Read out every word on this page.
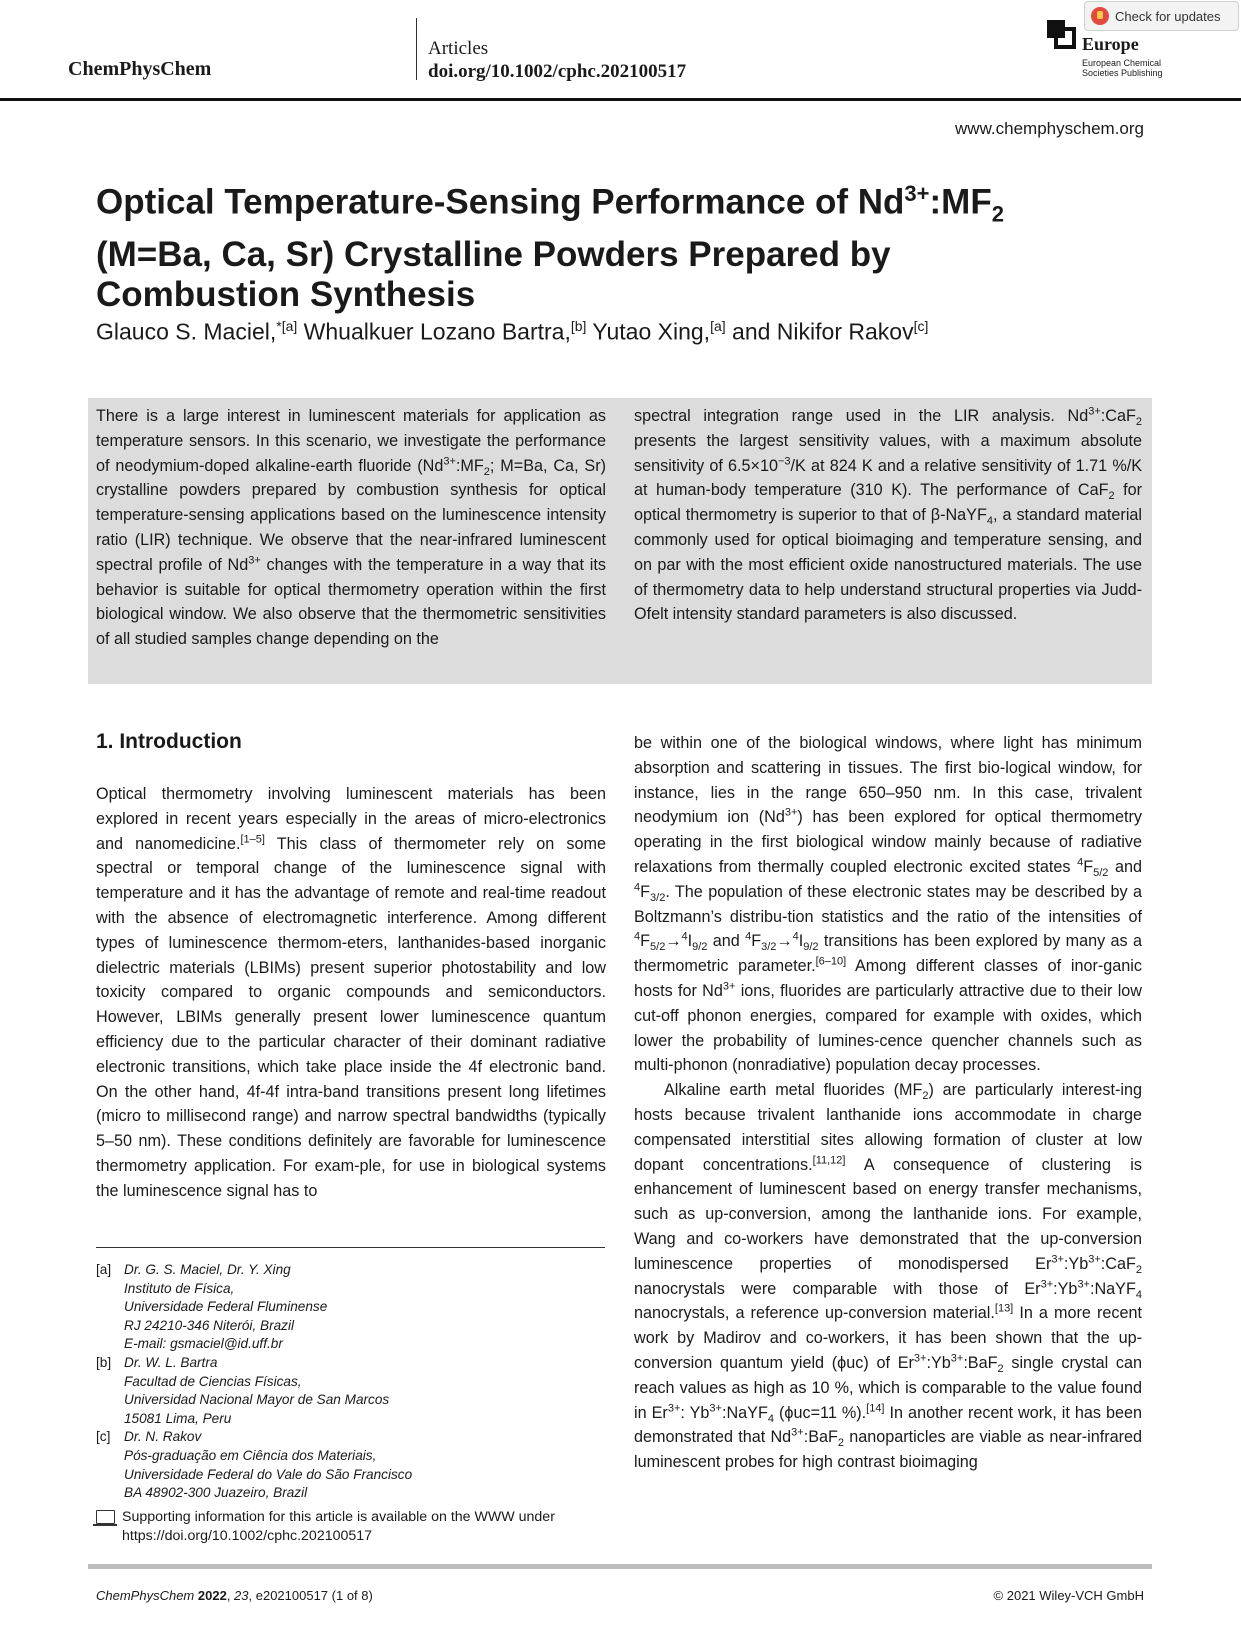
ChemPhysChem
Articles
doi.org/10.1002/cphc.202100517
Europe
European Chemical Societies Publishing
Check for updates
www.chemphyschem.org
Optical Temperature-Sensing Performance of $Nd^{3+}:MF_2$
(M=Ba, Ca, Sr) Crystalline Powders Prepared by
Combustion Synthesis
Glauco S. Maciel,$^{*[a]}$ Whualkuer Lozano Bartra,[b] Yutao Xing,[a] and Nikifor Rakov[c]
There is a large interest in luminescent materials for application as temperature sensors. In this scenario, we investigate the performance of neodymium-doped alkaline-earth fluoride ($Nd^{3+}:MF_2$; M=Ba, Ca, Sr) crystalline powders prepared by combustion synthesis for optical temperature-sensing applications based on the luminescence intensity ratio (LIR) technique. We observe that the near-infrared luminescent spectral profile of $Nd^{3+}$ changes with the temperature in a way that its behavior is suitable for optical thermometry operation within the first biological window. We also observe that the thermometric sensitivities of all studied samples change depending on the
spectral integration range used in the LIR analysis. $Nd^{3+}:CaF_2$ presents the largest sensitivity values, with a maximum absolute sensitivity of $6.5\times 10^{-3}/K$ at 824 K and a relative sensitivity of 1.71 %/K at human-body temperature (310 K). The performance of CaF$_2$ for optical thermometry is superior to that of β-NaYF$_4$, a standard material commonly used for optical bioimaging and temperature sensing, and on par with the most efficient oxide nanostructured materials. The use of thermometry data to help understand structural properties via Judd-Ofelt intensity standard parameters is also discussed.
1. Introduction

Optical thermometry involving luminescent materials has been explored in recent years especially in the areas of micro-electronics and nanomedicine.[1–5] This class of thermometer rely on some spectral or temporal change of the luminescence signal with temperature and it has the advantage of remote and real-time readout with the absence of electromagnetic interference. Among different types of luminescence thermom-eters, lanthanides-based inorganic dielectric materials (LBIMs) present superior photostability and low toxicity compared to organic compounds and semiconductors. However, LBIMs generally present lower luminescence quantum efficiency due to the particular character of their dominant radiative electronic transitions, which take place inside the 4f electronic band. On the other hand, 4f-4f intra-band transitions present long lifetimes (micro to millisecond range) and narrow spectral bandwidths (typically 5–50 nm). These conditions definitely are favorable for luminescence thermometry application. For exam-ple, for use in biological systems the luminescence signal has to

be within one of the biological windows, where light has minimum absorption and scattering in tissues. The first bio-logical window, for instance, lies in the range 650–950 nm. In this case, trivalent neodymium ion $(Nd^{3+})$ has been explored for optical thermometry operating in the first biological window mainly because of radiative relaxations from thermally coupled electronic excited states $^4F_{5/2}$ and $^4F_{3/2}$. The population of these electronic states may be described by a Boltzmann’s distribu-tion statistics and the ratio of the intensities of $^4F_{5/2}\to^4I_{9/2}$ and $^4F_{3/2}\to^4I_{9/2}$ transitions has been explored by many as a thermometric parameter.[6–10] Among different classes of inor-ganic hosts for $Nd^{3+}$ ions, fluorides are particularly attractive due to their low cut-off phonon energies, compared for example with oxides, which lower the probability of lumines-cence quencher channels such as multi-phonon (nonradiative) population decay processes.

Alkaline earth metal fluorides $(MF_2)$ are particularly interest-ing hosts because trivalent lanthanide ions accommodate in charge compensated interstitial sites allowing formation of cluster at low dopant concentrations.[11,12] A consequence of clustering is enhancement of luminescent based on energy transfer mechanisms, such as up-conversion, among the lanthanide ions. For example, Wang and co-workers have demonstrated that the up-conversion luminescence properties of monodispersed $Er^{3+}:Yb^{3+}:CaF_2$ nanocrystals were comparable with those of $Er^{3+}:Yb^{3+}:NaYF_4$ nanocrystals, a reference up-conversion material.[13] In a more recent work by Madirov and co-workers, it has been shown that the up-conversion quantum yield (ϕuc) of $Er^{3+}:Yb^{3+}:BaF_2$ single crystal can reach values as high as 10 %, which is comparable to the value found in $Er^{3+}$: $Yb^{3+}:NaYF_4$ (ϕuc=11 %).[14] In another recent work, it has been demonstrated that $Nd^{3+}:BaF_2$ nanoparticles are viable as near-infrared luminescent probes for high contrast bioimaging

[a] Dr. G. S. Maciel, Dr. Y. Xing
Instituto de Física,
Universidade Federal Fluminense
RJ 24210-346 Niterói, Brazil
E-mail: gsmaciel@id.uff.br
[b] Dr. W. L. Bartra
Facultad de Ciencias Físicas,
Universidad Nacional Mayor de San Marcos
15081 Lima, Peru
[c] Dr. N. Rakov
Pós-graduação em Ciência dos Materiais,
Universidade Federal do Vale do São Francisco
BA 48902-300 Juazeiro, Brazil
Supporting information for this article is available on the WWW under https://doi.org/10.1002/cphc.202100517
ChemPhysChem 2022, 23, e202100517 (1 of 8)	© 2021 Wiley-VCH GmbH
